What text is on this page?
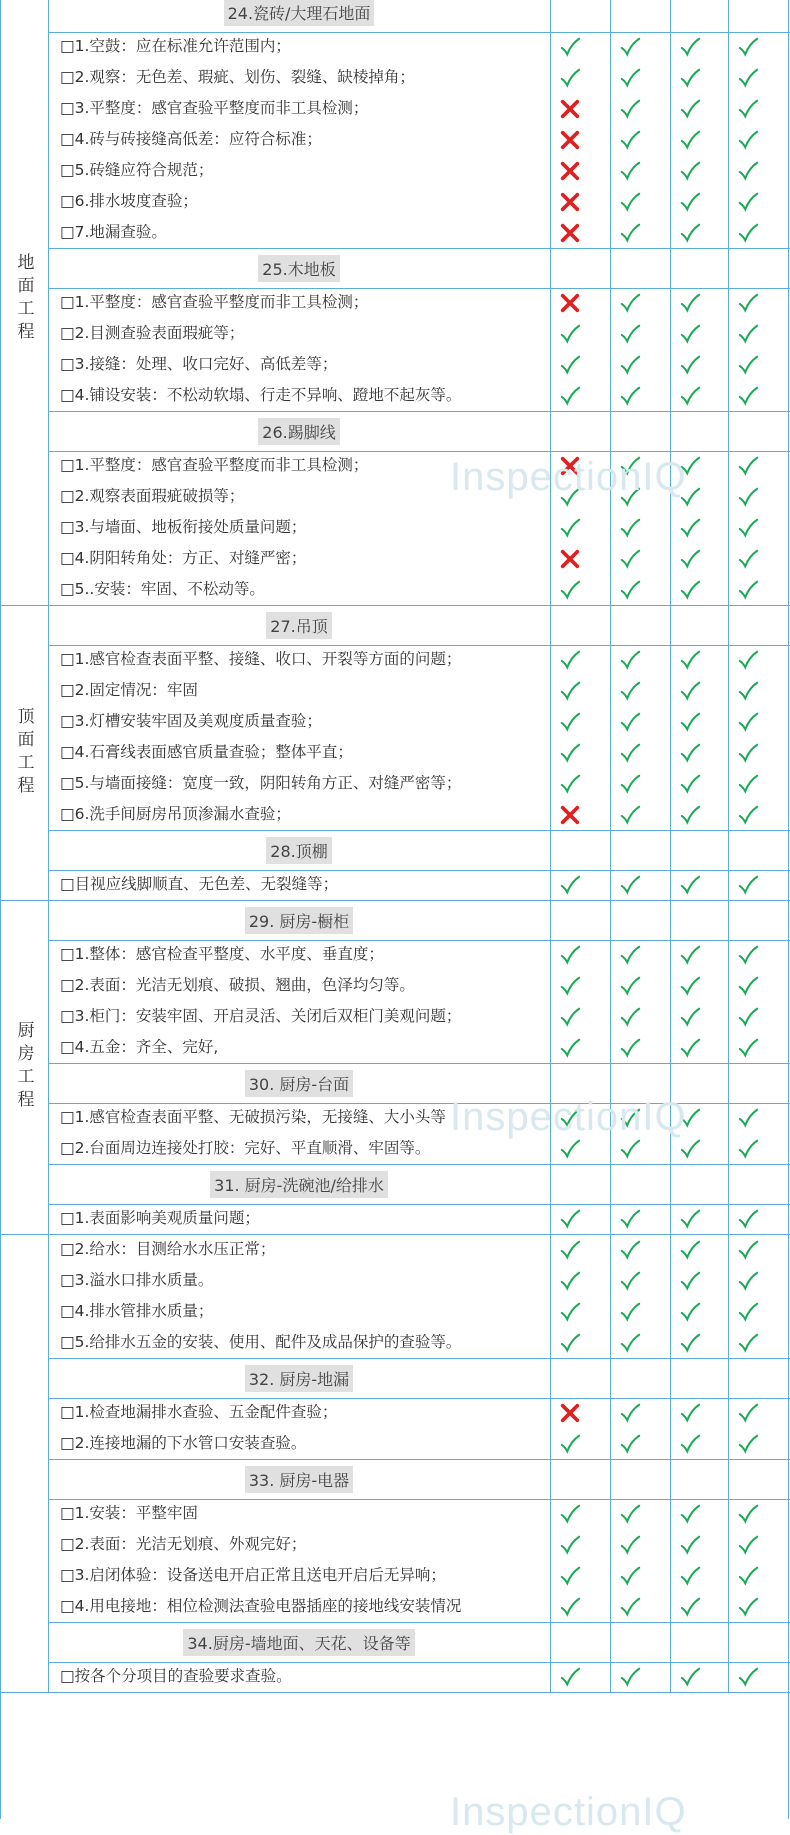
24.瓷砖/大理石地面
□1.空鼓：应在标准允许范围内；
□2.观察：无色差、瑕疵、划伤、裂缝、缺棱掉角；
□3.平整度：感官查验平整度而非工具检测；
□4.砖与砖接缝高低差：应符合标准；
□5.砖缝应符合规范；
□6.排水坡度查验；
□7.地漏查验。
25.木地板
□1.平整度：感官查验平整度而非工具检测；
□2.目测查验表面瑕疵等；
□3.接缝：处理、收口完好、高低差等；
□4.铺设安装：不松动软塌、行走不异响、蹬地不起灰等。
26.踢脚线
□1.平整度：感官查验平整度而非工具检测；
□2.观察表面瑕疵破损等；
□3.与墙面、地板衔接处质量问题；
□4.阴阳转角处：方正、对缝严密；
□5..安装：牢固、不松动等。
地面工程
27.吊顶
□1.感官检查表面平整、接缝、收口、开裂等方面的问题；
□2.固定情况：牢固
□3.灯槽安装牢固及美观度质量查验；
□4.石膏线表面感官质量查验；整体平直；
□5.与墙面接缝：宽度一致，阴阳转角方正、对缝严密等；
□6.洗手间厨房吊顶渗漏水查验；
28.顶棚
□目视应线脚顺直、无色差、无裂缝等；
顶面工程
29. 厨房-橱柜
□1.整体：感官检查平整度、水平度、垂直度；
□2.表面：光洁无划痕、破损、翘曲，色泽均匀等。
□3.柜门：安装牢固、开启灵活、关闭后双柜门美观问题；
□4.五金：齐全、完好,
30. 厨房-台面
□1.感官检查表面平整、无破损污染，无接缝、大小头等
□2.台面周边连接处打胶：完好、平直顺滑、牢固等。
31. 厨房-洗碗池/给排水
□1.表面影响美观质量问题；
厨房工程
□2.给水：目测给水水压正常；
□3.溢水口排水质量。
□4.排水管排水质量；
□5.给排水五金的安装、使用、配件及成品保护的查验等。
32. 厨房-地漏
□1.检查地漏排水查验、五金配件查验；
□2.连接地漏的下水管口安装查验。
33. 厨房-电器
□1.安装：平整牢固
□2.表面：光洁无划痕、外观完好；
□3.启闭体验：设备送电开启正常且送电开启后无异响；
□4.用电接地：相位检测法查验电器插座的接地线安装情况
34.厨房-墙地面、天花、设备等
□按各个分项目的查验要求查验。
InspectionIQ
InspectionIQ
InspectionIQ
